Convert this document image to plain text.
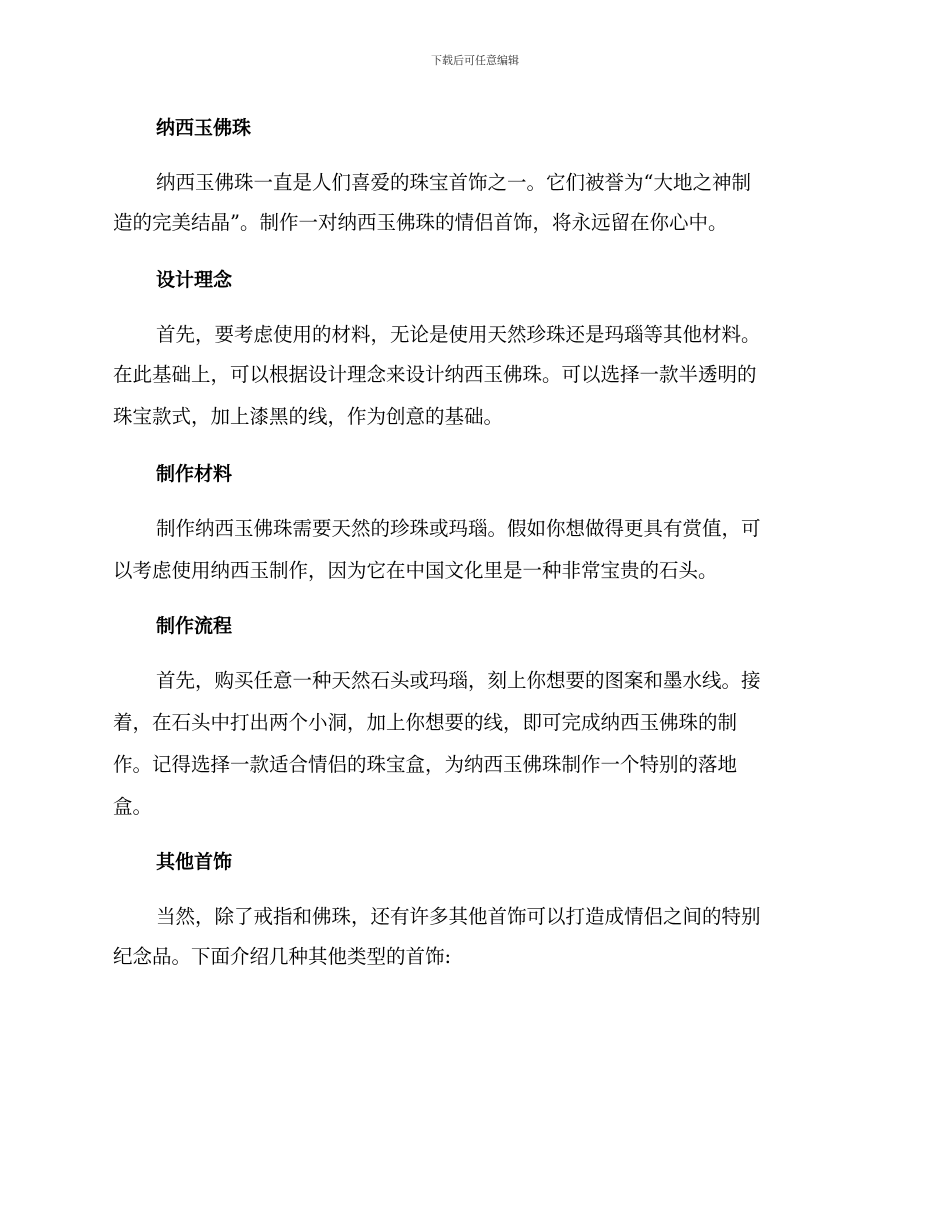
下载后可任意编辑
纳西玉佛珠
纳西玉佛珠一直是人们喜爱的珠宝首饰之一。它们被誉为“大地之神制
造的完美结晶”。制作一对纳西玉佛珠的情侣首饰，将永远留在你心中。
设计理念
首先，要考虑使用的材料，无论是使用天然珍珠还是玛瑙等其他材料。
在此基础上，可以根据设计理念来设计纳西玉佛珠。可以选择一款半透明的
珠宝款式，加上漆黑的线，作为创意的基础。
制作材料
制作纳西玉佛珠需要天然的珍珠或玛瑙。假如你想做得更具有赏值，可
以考虑使用纳西玉制作，因为它在中国文化里是一种非常宝贵的石头。
制作流程
首先，购买任意一种天然石头或玛瑙，刻上你想要的图案和墨水线。接
着，在石头中打出两个小洞，加上你想要的线，即可完成纳西玉佛珠的制
作。记得选择一款适合情侣的珠宝盒，为纳西玉佛珠制作一个特别的落地
盒。
其他首饰
当然，除了戒指和佛珠，还有许多其他首饰可以打造成情侣之间的特别
纪念品。下面介绍几种其他类型的首饰:
